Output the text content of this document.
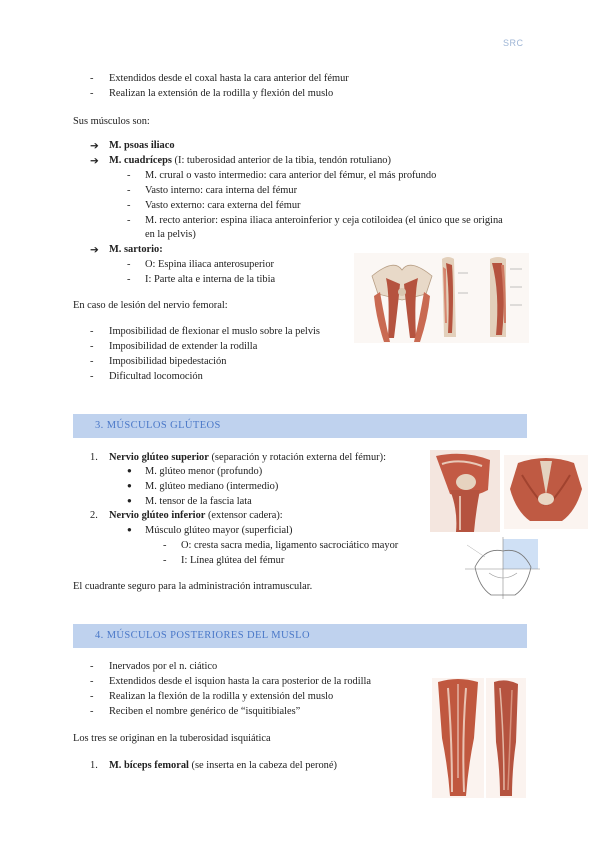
SRC
- Extendidos desde el coxal hasta la cara anterior del fémur
- Realizan la extensión de la rodilla y flexión del muslo
Sus músculos son:
➔ M. psoas iliaco
➔ M. cuadríceps (I: tuberosidad anterior de la tibia, tendón rotuliano)
- M. crural o vasto intermedio: cara anterior del fémur, el más profundo
- Vasto interno: cara interna del fémur
- Vasto externo: cara externa del fémur
- M. recto anterior: espina iliaca anteroinferior y ceja cotiloidea (el único que se origina
en la pelvis)
➔ M. sartorio:
- O: Espina iliaca anterosuperior
- I: Parte alta e interna de la tibia
En caso de lesión del nervio femoral:
- Imposibilidad de flexionar el muslo sobre la pelvis
- Imposibilidad de extender la rodilla
- Imposibilidad bipedestación
- Dificultad locomoción
3. MÚSCULOS GLÚTEOS
1. Nervio glúteo superior (separación y rotación externa del fémur):
● M. glúteo menor (profundo)
● M. glúteo mediano (intermedio)
● M. tensor de la fascia lata
2. Nervio glúteo inferior (extensor cadera):
● Músculo glúteo mayor (superficial)
- O: cresta sacra media, ligamento sacrociático mayor
- I: Línea glútea del fémur
El cuadrante seguro para la administración intramuscular.
4. MÚSCULOS POSTERIORES DEL MUSLO
- Inervados por el n. ciático
- Extendidos desde el isquion hasta la cara posterior de la rodilla
- Realizan la flexión de la rodilla y extensión del muslo
- Reciben el nombre genérico de “isquitibiales”
Los tres se originan en la tuberosidad isquiática
1. M. bíceps femoral (se inserta en la cabeza del peroné)
